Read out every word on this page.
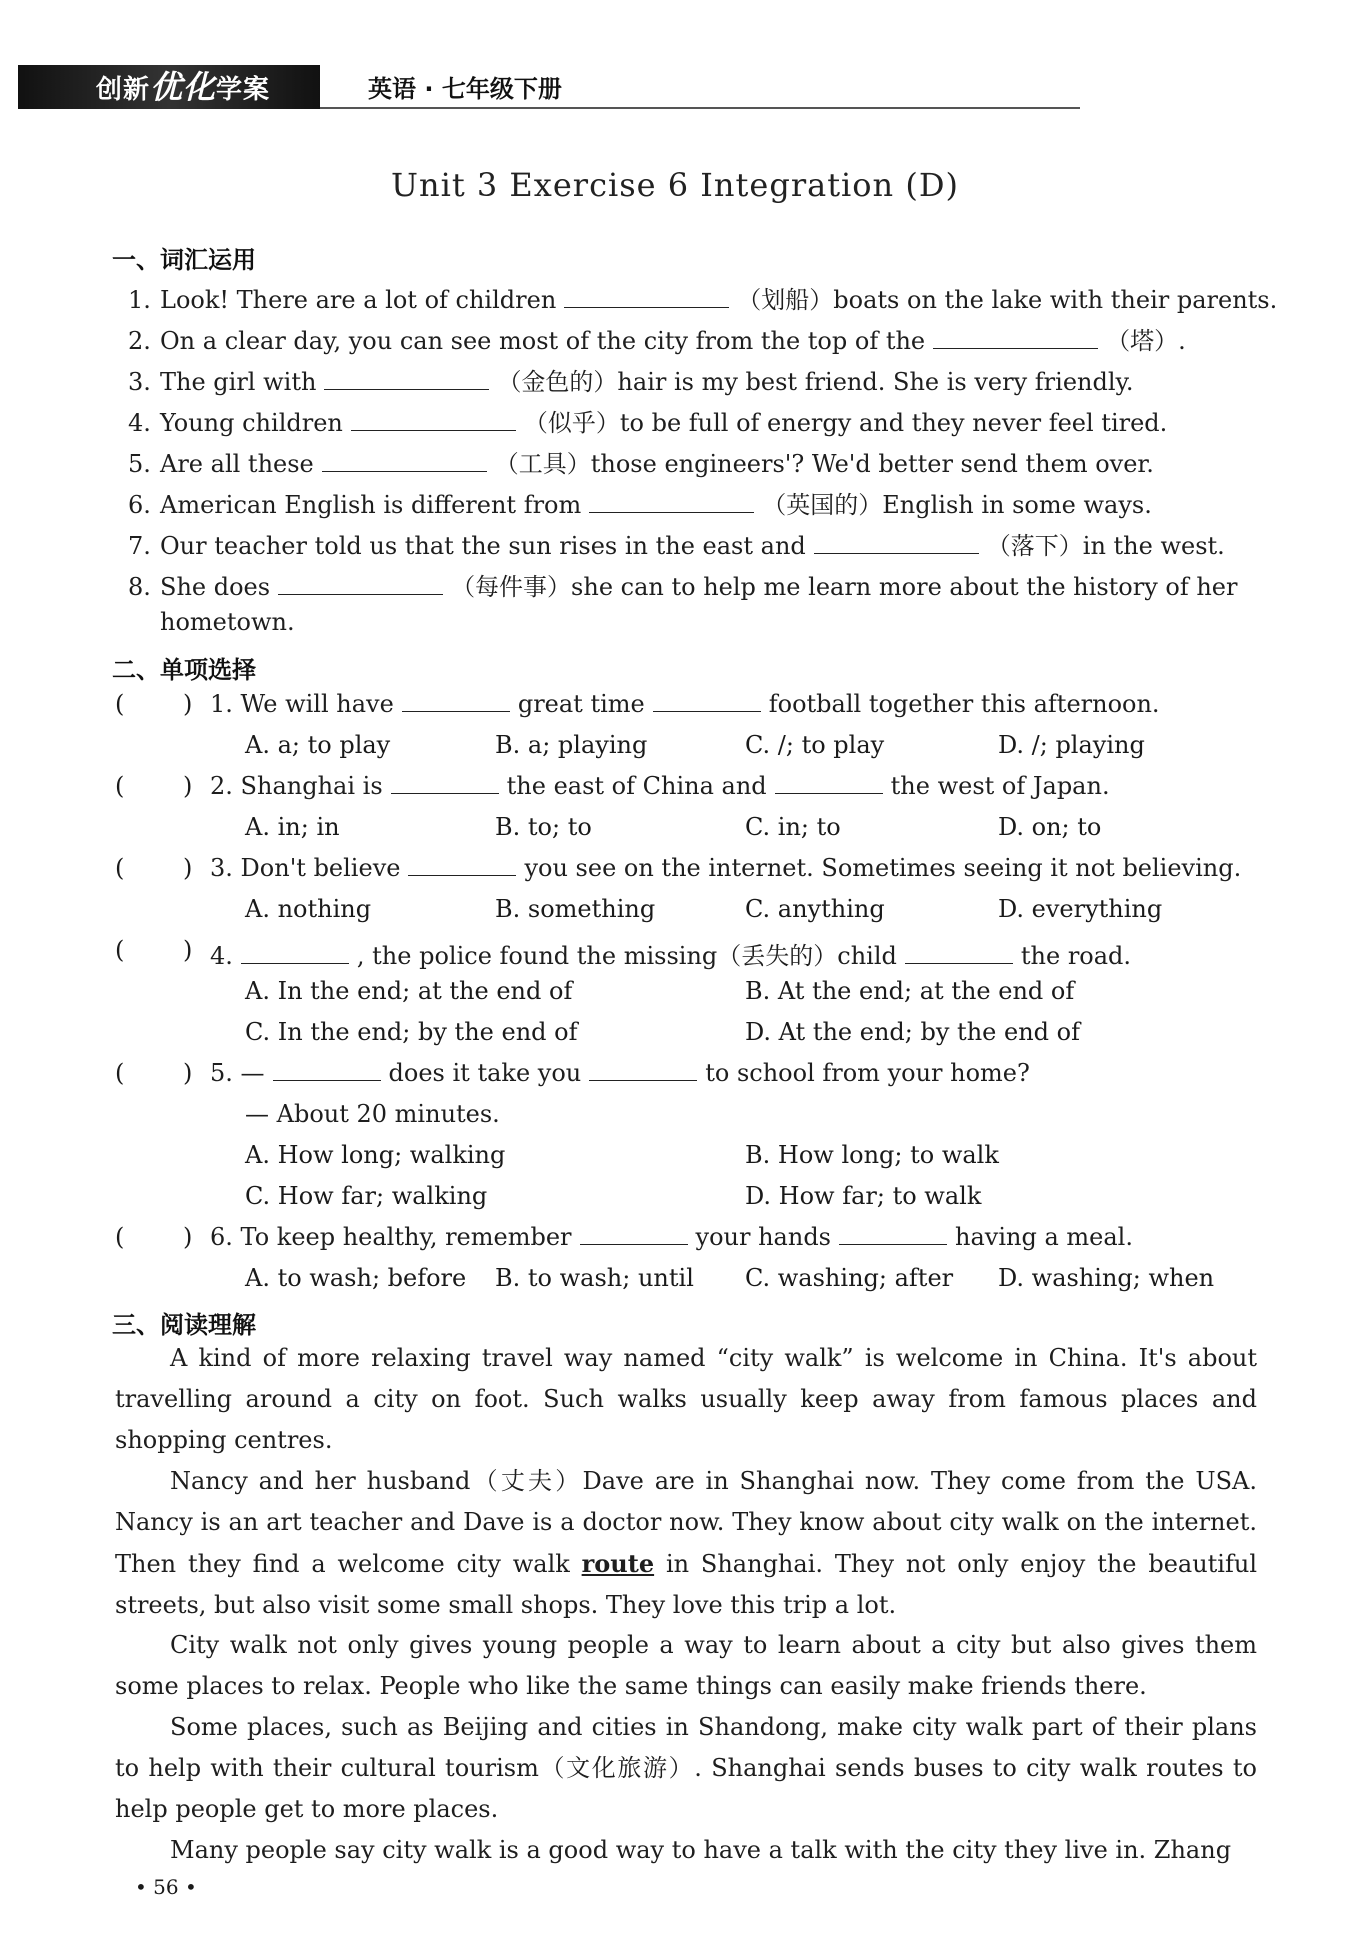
创新优化学案	英语 · 七年级下册
Unit 3 Exercise 6 Integration (D)
一、词汇运用
1. Look! There are a lot of children	（划船）boats on the lake with their parents.
2. On a clear day, you can see most of the city from the top of the	（塔）.
3. The girl with	（金色的）hair is my best friend. She is very friendly.
4. Young children	（似乎）to be full of energy and they never feel tired.
5. Are all these	（工具）those engineers'? We'd better send them over.
6. American English is different from	（英国的）English in some ways.
7. Our teacher told us that the sun rises in the east and	（落下）in the west.
8. She does	（每件事）she can to help me learn more about the history of her
hometown.
二、单项选择
( ) 1. We will have	great time	football together this afternoon.
A. a; to play	B. a; playing	C. /; to play	D. /; playing
( ) 2. Shanghai is	the east of China and	the west of Japan.
A. in; in	B. to; to	C. in; to	D. on; to
( ) 3. Don't believe	you see on the internet. Sometimes seeing it not believing.
A. nothing	B. something	C. anything	D. everything
( ) 4.	, the police found the missing（丢失的）child	the road.
A. In the end; at the end of	B. At the end; at the end of
C. In the end; by the end of	D. At the end; by the end of
( ) 5. —	does it take you	to school from your home?
— About 20 minutes.
A. How long; walking	B. How long; to walk
C. How far; walking	D. How far; to walk
( ) 6. To keep healthy, remember	your hands	having a meal.
A. to wash; before B. to wash; until C. washing; after D. washing; when
三、阅读理解
A kind of more relaxing travel way named “city walk” is welcome in China. It's about travelling around a city on foot. Such walks usually keep away from famous places and shopping centres.
Nancy and her husband（丈夫）Dave are in Shanghai now. They come from the USA. Nancy is an art teacher and Dave is a doctor now. They know about city walk on the internet. Then they find a welcome city walk route in Shanghai. They not only enjoy the beautiful streets, but also visit some small shops. They love this trip a lot.
City walk not only gives young people a way to learn about a city but also gives them some places to relax. People who like the same things can easily make friends there.
Some places, such as Beijing and cities in Shandong, make city walk part of their plans to help with their cultural tourism（文化旅游）. Shanghai sends buses to city walk routes to help people get to more places.
Many people say city walk is a good way to have a talk with the city they live in. Zhang
• 56 •
